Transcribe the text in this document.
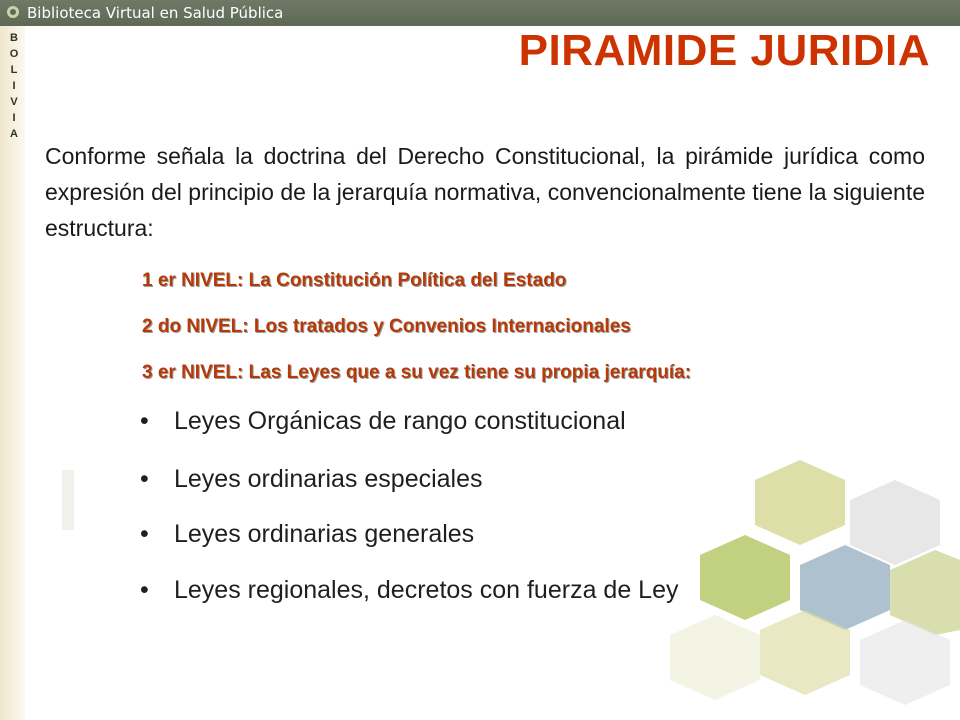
Biblioteca Virtual en Salud Pública
B
O
L
I
V
I
A
PIRAMIDE JURIDIA
Conforme señala la doctrina del Derecho Constitucional, la pirámide jurídica como expresión del principio de la jerarquía normativa, convencionalmente tiene la siguiente estructura:
1 er NIVEL: La Constitución Política del Estado
2 do NIVEL: Los tratados y Convenios Internacionales
3 er NIVEL: Las Leyes que a su vez tiene su propia jerarquía:
• Leyes Orgánicas de rango constitucional
• Leyes ordinarias especiales
• Leyes ordinarias generales
• Leyes regionales, decretos con fuerza de Ley
